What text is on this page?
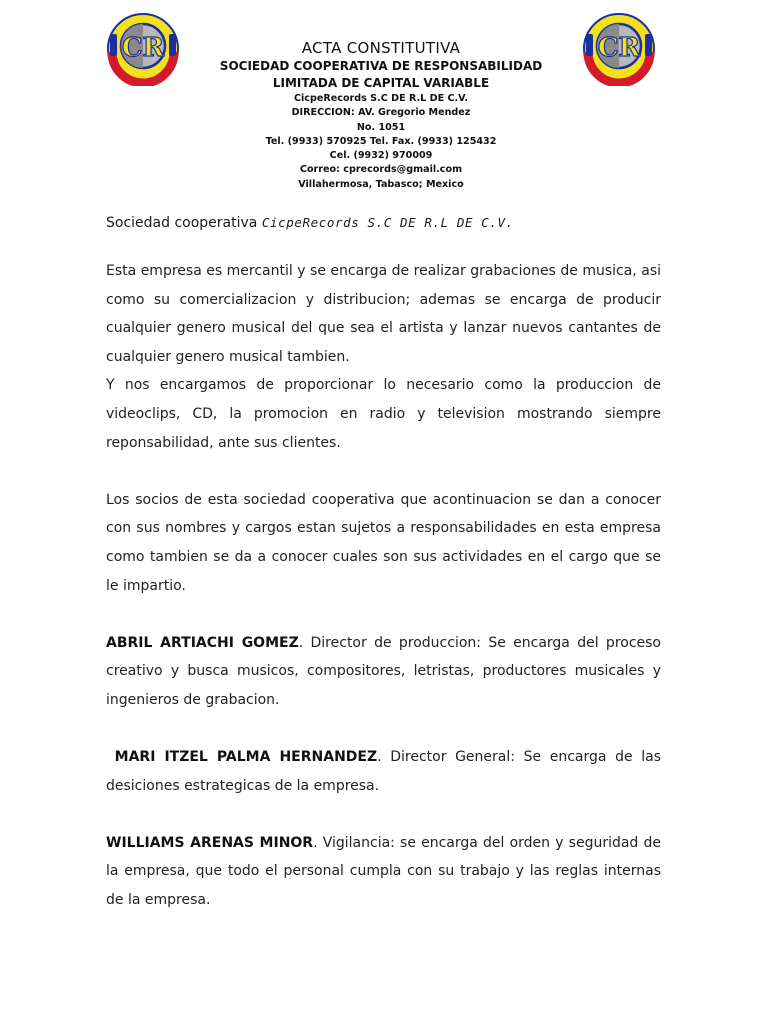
CR	CR
ACTA CONSTITUTIVA
SOCIEDAD COOPERATIVA DE RESPONSABILIDAD
LIMITADA DE CAPITAL VARIABLE
CicpeRecords S.C DE R.L DE C.V.
DIRECCION: AV. Gregorio Mendez
No. 1051
Tel. (9933) 570925 Tel. Fax. (9933) 125432
Cel. (9932) 970009
Correo: cprecords@gmail.com
Villahermosa, Tabasco; Mexico
Sociedad cooperativa CicpeRecords S.C DE R.L DE C.V.

Esta empresa es mercantil y se encarga de realizar grabaciones de musica, asi como su comercializacion y distribucion; ademas se encarga de producir cualquier genero musical del que sea el artista y lanzar nuevos cantantes de cualquier genero musical tambien.

Y nos encargamos de proporcionar lo necesario como la produccion de videoclips, CD, la promocion en radio y television mostrando siempre reponsabilidad, ante sus clientes.

Los socios de esta sociedad cooperativa que acontinuacion se dan a conocer con sus nombres y cargos estan sujetos a responsabilidades en esta empresa como tambien se da a conocer cuales son sus actividades en el cargo que se le impartio.

ABRIL ARTIACHI GOMEZ. Director de produccion: Se encarga del proceso creativo y busca musicos, compositores, letristas, productores musicales y ingenieros de grabacion.

MARI ITZEL PALMA HERNANDEZ. Director General: Se encarga de las desiciones estrategicas de la empresa.

WILLIAMS ARENAS MINOR. Vigilancia: se encarga del orden y seguridad de la empresa, que todo el personal cumpla con su trabajo y las reglas internas de la empresa.
